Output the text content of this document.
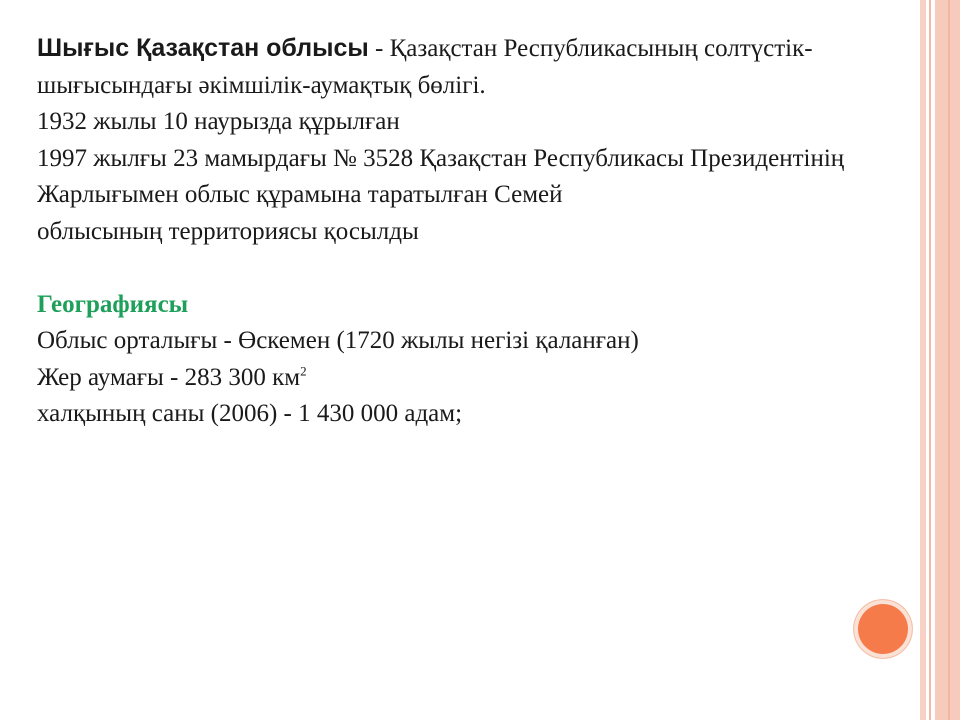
Шығыс Қазақстан облысы - Қазақстан Республикасының солтүстік-шығысындағы әкімшілік-аумақтық бөлігі.

1932 жылы 10 наурызда құрылған

1997 жылғы 23 мамырдағы № 3528 Қазақстан Республикасы Президентінің Жарлығымен облыс құрамына таратылған Семей

облысының территориясы қосылды

Географиясы

Облыс орталығы - Өскемен (1720 жылы негізі қаланған)

Жер аумағы - 283 300 $км^2$

халқының саны (2006) - 1 430 000 адам;
